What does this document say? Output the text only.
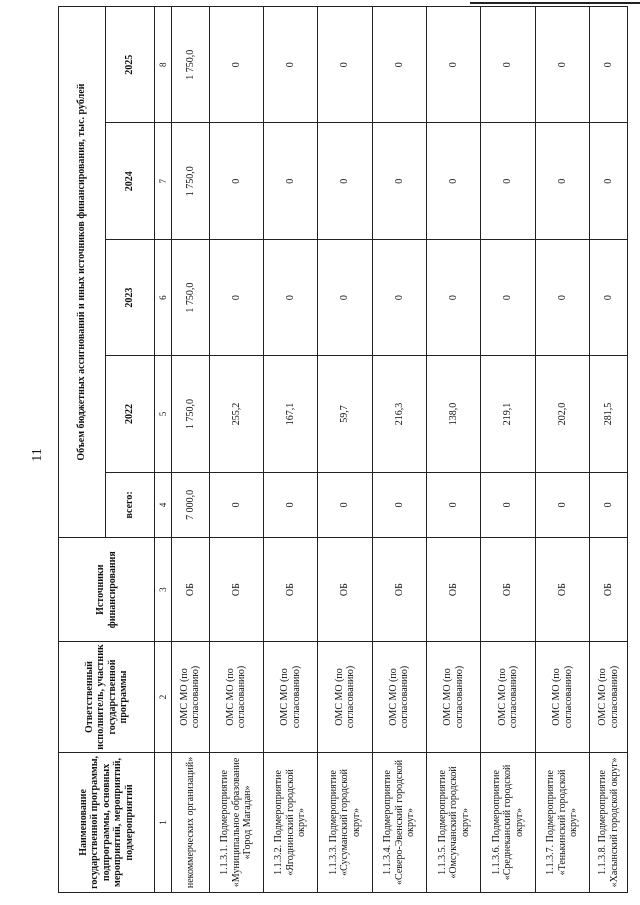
11
Наименование государственной программы, подпрограммы, основных мероприятий, мероприятий, подмероприятий	Ответственный исполнитель, участник государственной программы	Источники финансирования	Объем бюджетных ассигнований и иных источников финансирования, тыс. рублей				
			всего:	2022	2023	2024	2025
1	2	3	4	5	6	7	8
некоммерческих организаций»	ОМС МО (по согласованию)	ОБ	7 000,0	1 750,0	1 750,0	1 750,0	1 750,0
1.1.3.1. Подмероприятие «Муниципальное образование «Город Магадан»	ОМС МО (по согласованию)	ОБ	0	255,2	0	0	0
1.1.3.2. Подмероприятие «Ягоднинский городской округ»	ОМС МО (по согласованию)	ОБ	0	167,1	0	0	0
1.1.3.3. Подмероприятие «Сусуманский городской округ»	ОМС МО (по согласованию)	ОБ	0	59,7	0	0	0
1.1.3.4. Подмероприятие «Северо-Эвенский городской округ»	ОМС МО (по согласованию)	ОБ	0	216,3	0	0	0
1.1.3.5. Подмероприятие «Омсукчанский городской округ»	ОМС МО (по согласованию)	ОБ	0	138,0	0	0	0
1.1.3.6. Подмероприятие «Среднеканский городской округ»	ОМС МО (по согласованию)	ОБ	0	219,1	0	0	0
1.1.3.7. Подмероприятие «Тенькинский городской округ»	ОМС МО (по согласованию)	ОБ	0	202,0	0	0	0
1.1.3.8. Подмероприятие «Хасынский городской округ»	ОМС МО (по согласованию)	ОБ	0	281,5	0	0	0
